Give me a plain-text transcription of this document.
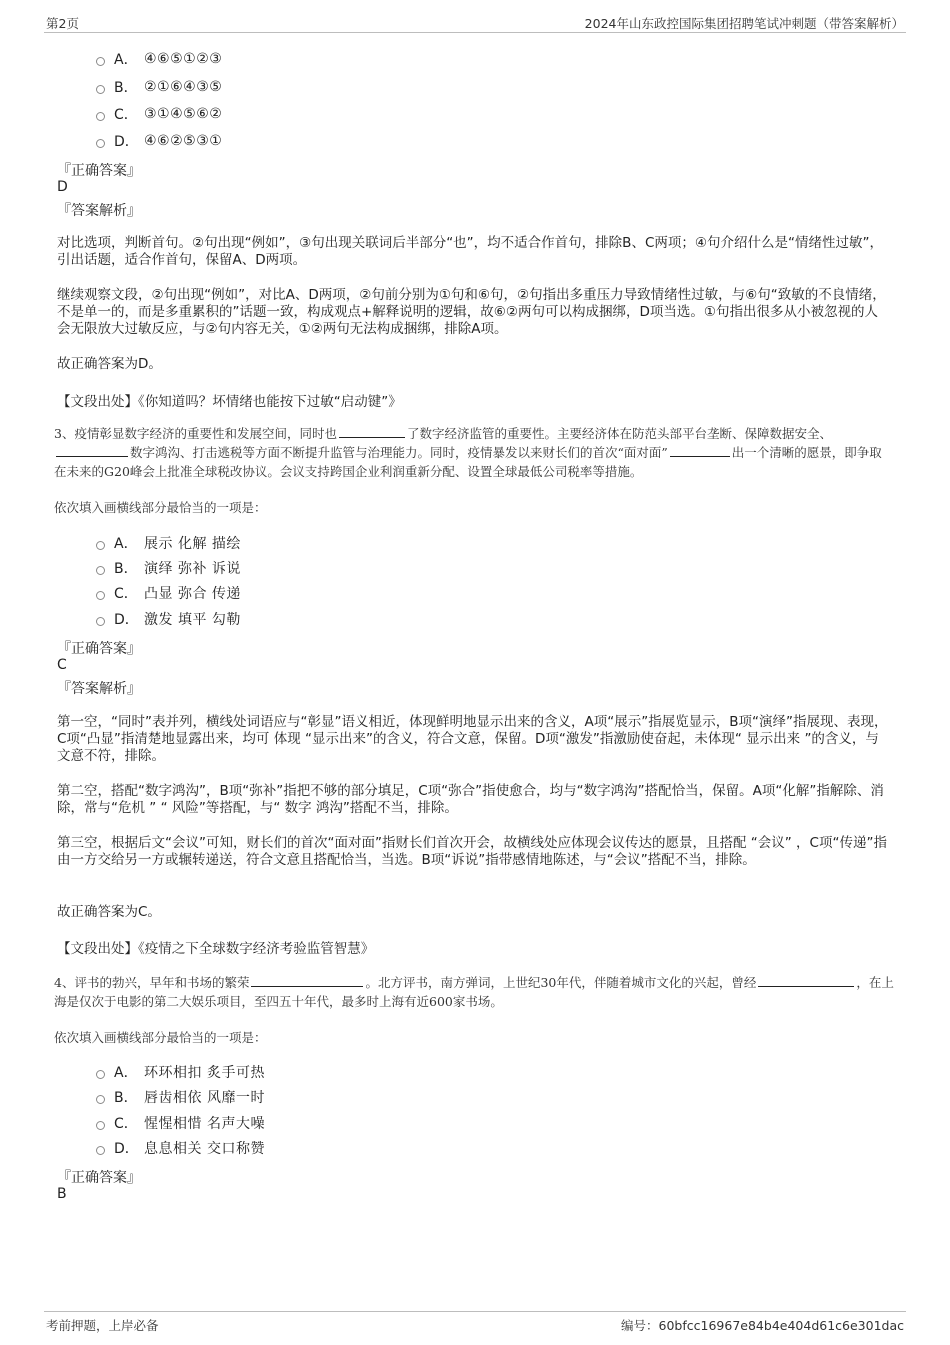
第2页	2024年山东政控国际集团招聘笔试冲刺题（带答案解析）
A． ④⑥⑤①②③
B． ②①⑥④③⑤
C． ③①④⑤⑥②
D． ④⑥②⑤③①
『正确答案』
D
『答案解析』
对比选项，判断首句。②句出现“例如”，③句出现关联词后半部分“也”，均不适合作首句，排除B、C两项；④句介绍什么是“情绪性过敏”，引出话题，适合作首句，保留A、D两项。
继续观察文段，②句出现“例如”，对比A、D两项，②句前分别为①句和⑥句，②句指出多重压力导致情绪性过敏，与⑥句“致敏的不良情绪，不是单一的，而是多重累积的”话题一致，构成观点+解释说明的逻辑，故⑥②两句可以构成捆绑，D项当选。①句指出很多从小被忽视的人会无限放大过敏反应，与②句内容无关，①②两句无法构成捆绑，排除A项。
故正确答案为D。
【文段出处】《你知道吗？坏情绪也能按下过敏“启动键”》
3、疫情彰显数字经济的重要性和发展空间，同时也	了数字经济监管的重要性。主要经济体在防范头部平台垄断、保障数据安全、
数字鸿沟、打击逃税等方面不断提升监管与治理能力。同时，疫情暴发以来财长们的首次“面对面”	出一个清晰的愿景，即争取在未来的G20峰会上批准全球税改协议。会议支持跨国企业利润重新分配、设置全球最低公司税率等措施。
依次填入画横线部分最恰当的一项是：
A． 展示 化解 描绘
B． 演绎 弥补 诉说
C． 凸显 弥合 传递
D． 激发 填平 勾勒
『正确答案』
C
『答案解析』
第一空，“同时”表并列，横线处词语应与“彰显”语义相近，体现鲜明地显示出来的含义，A项“展示”指展览显示，B项“演绎”指展现、表现，C项“凸显”指清楚地显露出来，均可 体现 “显示出来”的含义，符合文意，保留。D项“激发”指激励使奋起，未体现“ 显示出来 ”的含义，与文意不符，排除。
第二空，搭配“数字鸿沟”，B项“弥补”指把不够的部分填足，C项“弥合”指使愈合，均与“数字鸿沟”搭配恰当，保留。A项“化解”指解除、消除，常与“危机 ” “ 风险”等搭配，与“ 数字 鸿沟”搭配不当，排除。
第三空，根据后文“会议”可知，财长们的首次“面对面”指财长们首次开会，故横线处应体现会议传达的愿景，且搭配 “会议” ，C项“传递”指由一方交给另一方或辗转递送，符合文意且搭配恰当，当选。B项“诉说”指带感情地陈述，与“会议”搭配不当，排除。
故正确答案为C。
【文段出处】《疫情之下全球数字经济考验监管智慧》
4、评书的勃兴，早年和书场的繁荣	。北方评书，南方弹词，上世纪30年代，伴随着城市文化的兴起，曾经	，在上海是仅次于电影的第二大娱乐项目，至四五十年代，最多时上海有近600家书场。
依次填入画横线部分最恰当的一项是：
A． 环环相扣 炙手可热
B． 唇齿相依 风靡一时
C． 惺惺相惜 名声大噪
D． 息息相关 交口称赞
『正确答案』
B
考前押题，上岸必备	编号：60bfcc16967e84b4e404d61c6e301dac
